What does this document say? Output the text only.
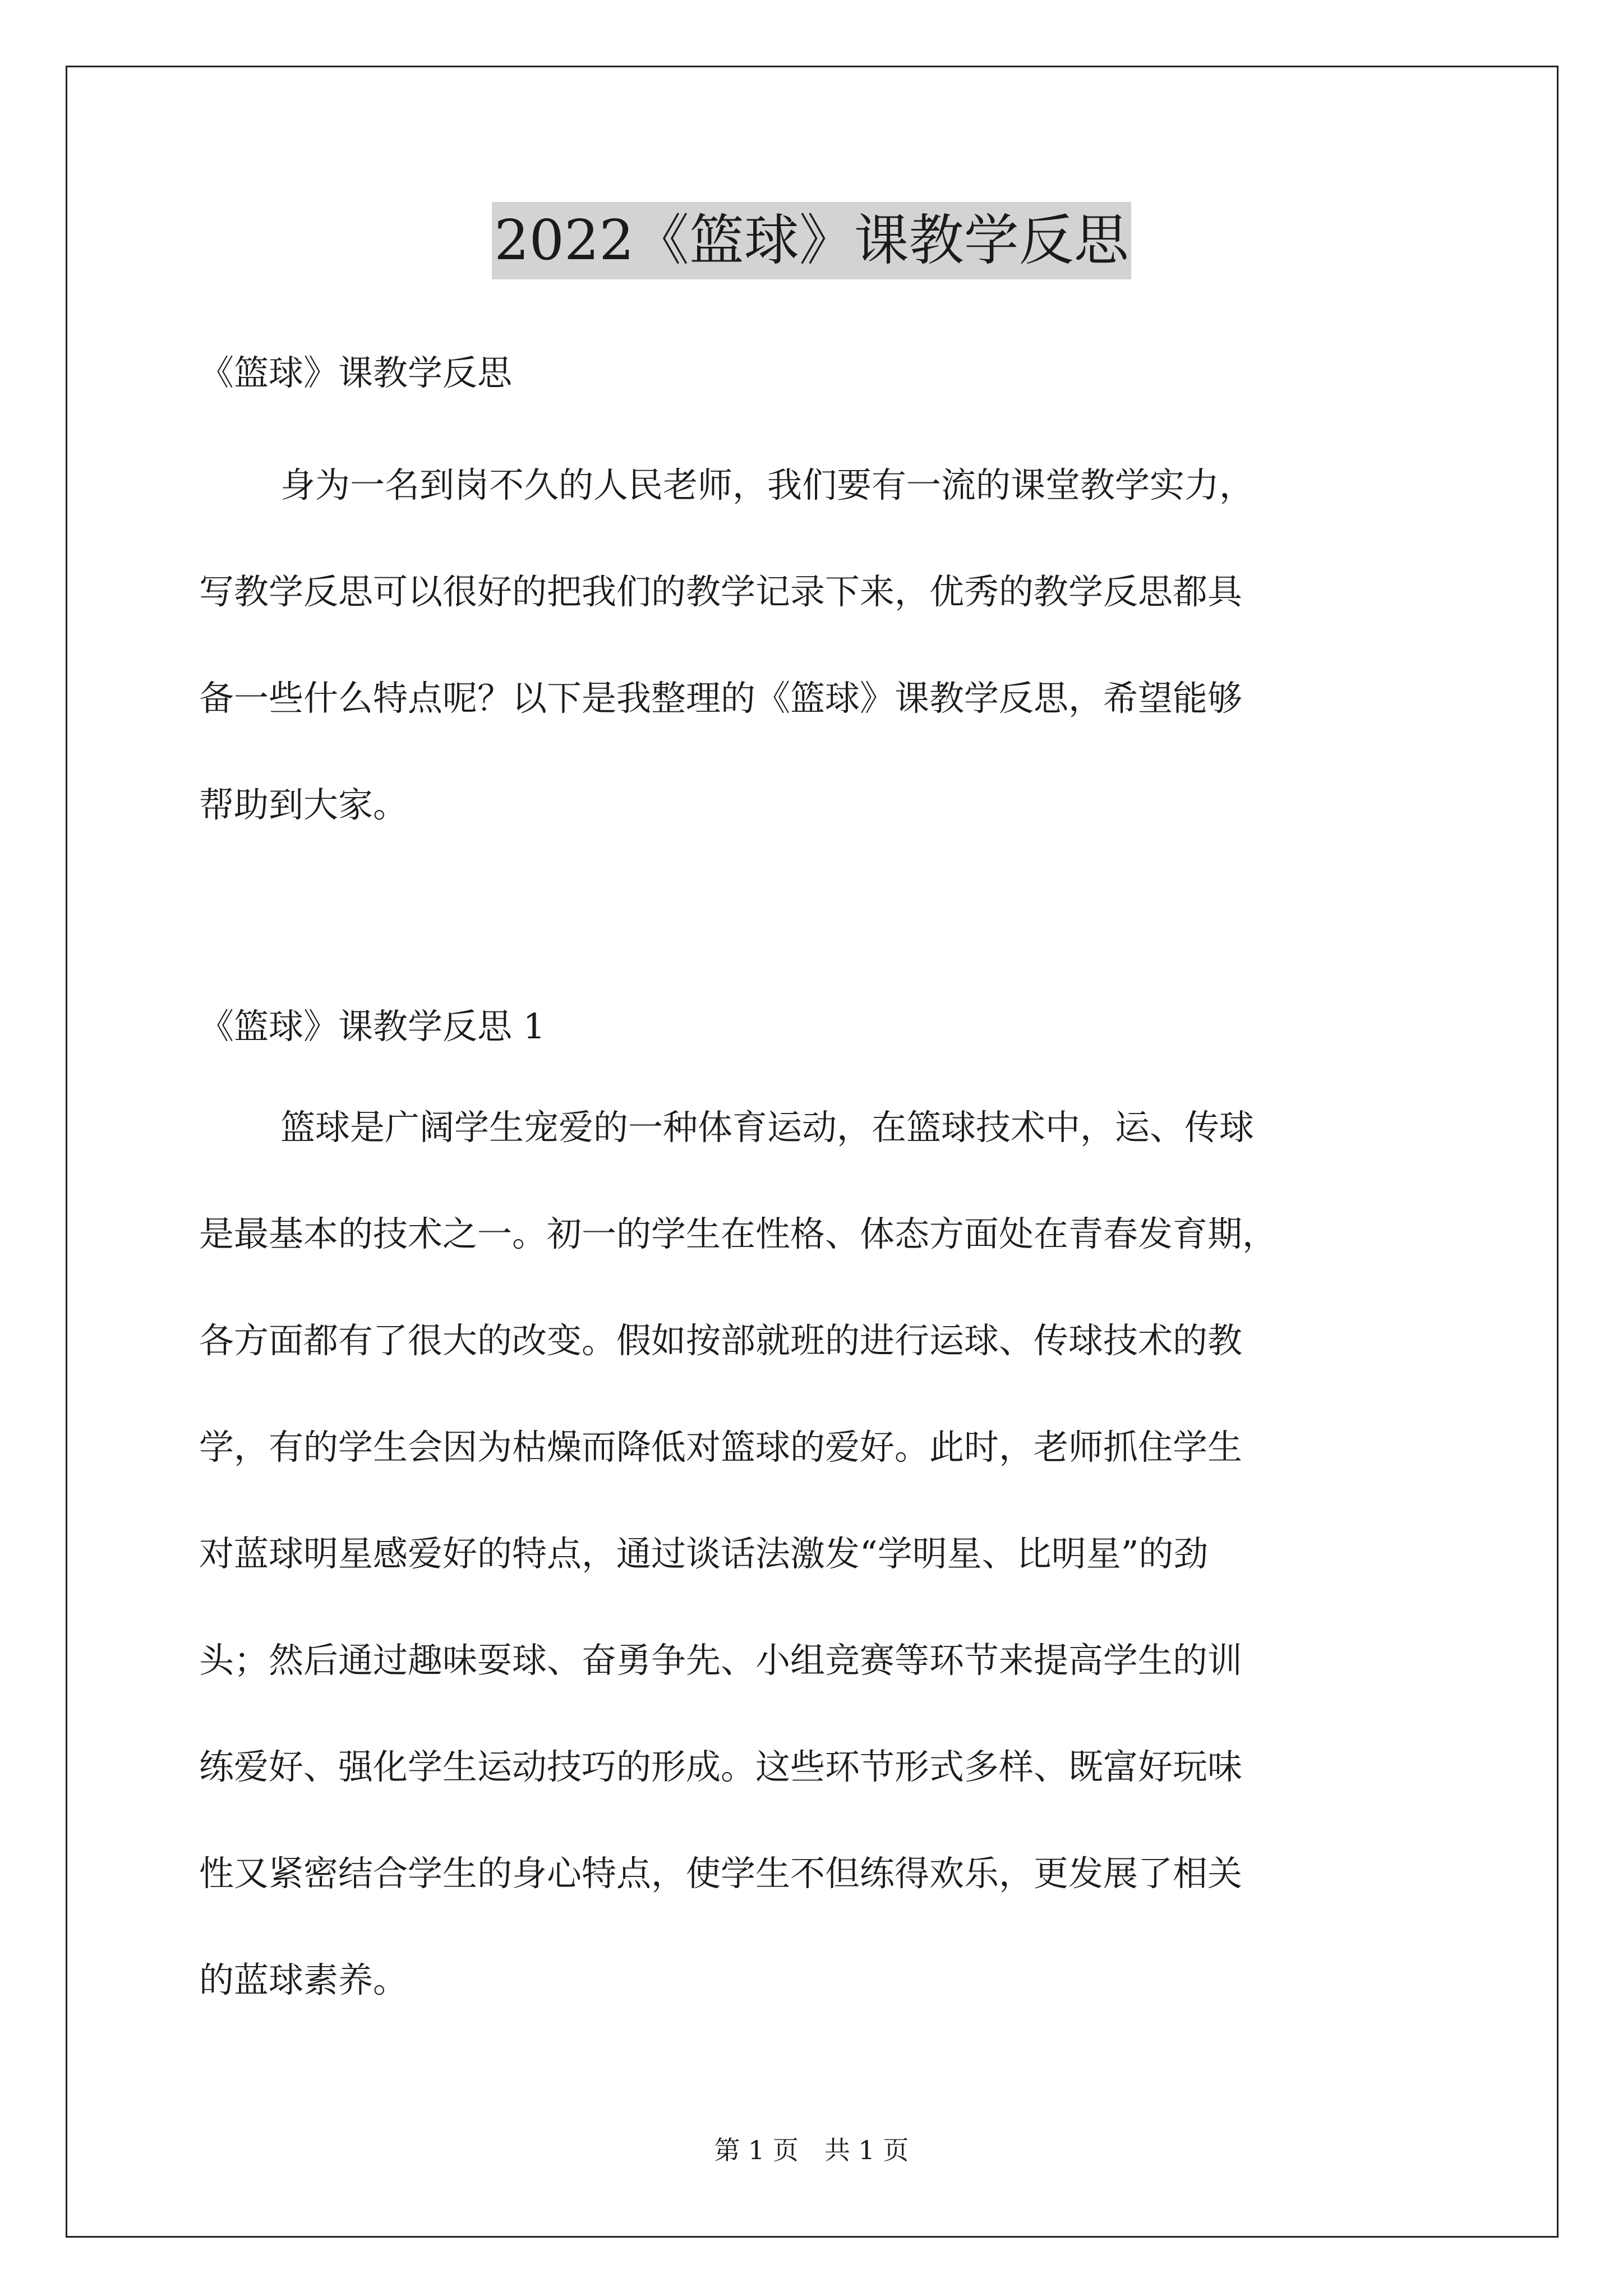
2022《篮球》课教学反思

《篮球》课教学反思

身为一名到岗不久的人民老师，我们要有一流的课堂教学实力，

写教学反思可以很好的把我们的教学记录下来，优秀的教学反思都具

备一些什么特点呢？以下是我整理的《篮球》课教学反思，希望能够

帮助到大家。

《篮球》课教学反思 1

篮球是广阔学生宠爱的一种体育运动，在篮球技术中，运、传球

是最基本的技术之一。初一的学生在性格、体态方面处在青春发育期，

各方面都有了很大的改变。假如按部就班的进行运球、传球技术的教

学，有的学生会因为枯燥而降低对篮球的爱好。此时，老师抓住学生

对蓝球明星感爱好的特点，通过谈话法激发“学明星、比明星”的劲

头；然后通过趣味耍球、奋勇争先、小组竞赛等环节来提高学生的训

练爱好、强化学生运动技巧的形成。这些环节形式多样、既富好玩味

性又紧密结合学生的身心特点，使学生不但练得欢乐，更发展了相关

的蓝球素养。

第 1 页　共 1 页
